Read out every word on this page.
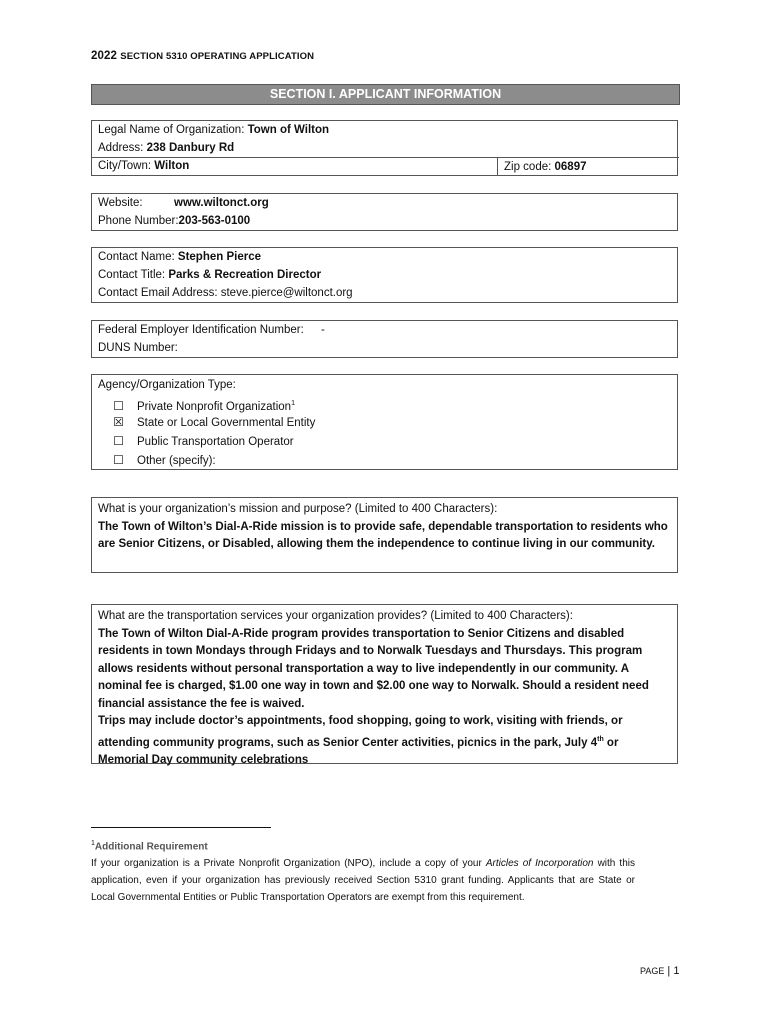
2022 SECTION 5310 OPERATING APPLICATION
SECTION I. APPLICANT INFORMATION
Legal Name of Organization: Town of Wilton
Address: 238 Danbury Rd
City/Town: Wilton	Zip code: 06897
Website:	www.wiltonct.org
Phone Number:203-563-0100
Contact Name: Stephen Pierce
Contact Title: Parks & Recreation Director
Contact Email Address: steve.pierce@wiltonct.org
Federal Employer Identification Number: -
DUNS Number:
Agency/Organization Type:
☐ Private Nonprofit Organization$^1$
☒ State or Local Governmental Entity
☐ Public Transportation Operator
☐ Other (specify):
What is your organization’s mission and purpose? (Limited to 400 Characters):
The Town of Wilton’s Dial-A-Ride mission is to provide safe, dependable transportation to residents who are Senior Citizens, or Disabled, allowing them the independence to continue living in our community.
What are the transportation services your organization provides? (Limited to 400 Characters):
The Town of Wilton Dial-A-Ride program provides transportation to Senior Citizens and disabled residents in town Mondays through Fridays and to Norwalk Tuesdays and Thursdays. This program allows residents without personal transportation a way to live independently in our community. A nominal fee is charged, $1.00 one way in town and $2.00 one way to Norwalk. Should a resident need financial assistance the fee is waived.
Trips may include doctor’s appointments, food shopping, going to work, visiting with friends, or attending community programs, such as Senior Center activities, picnics in the park, July 4th or Memorial Day community celebrations
$^1$Additional Requirement
If your organization is a Private Nonprofit Organization (NPO), include a copy of your Articles of Incorporation with this application, even if your organization has previously received Section 5310 grant funding. Applicants that are State or Local Governmental Entities or Public Transportation Operators are exempt from this requirement.
PAGE | 1
